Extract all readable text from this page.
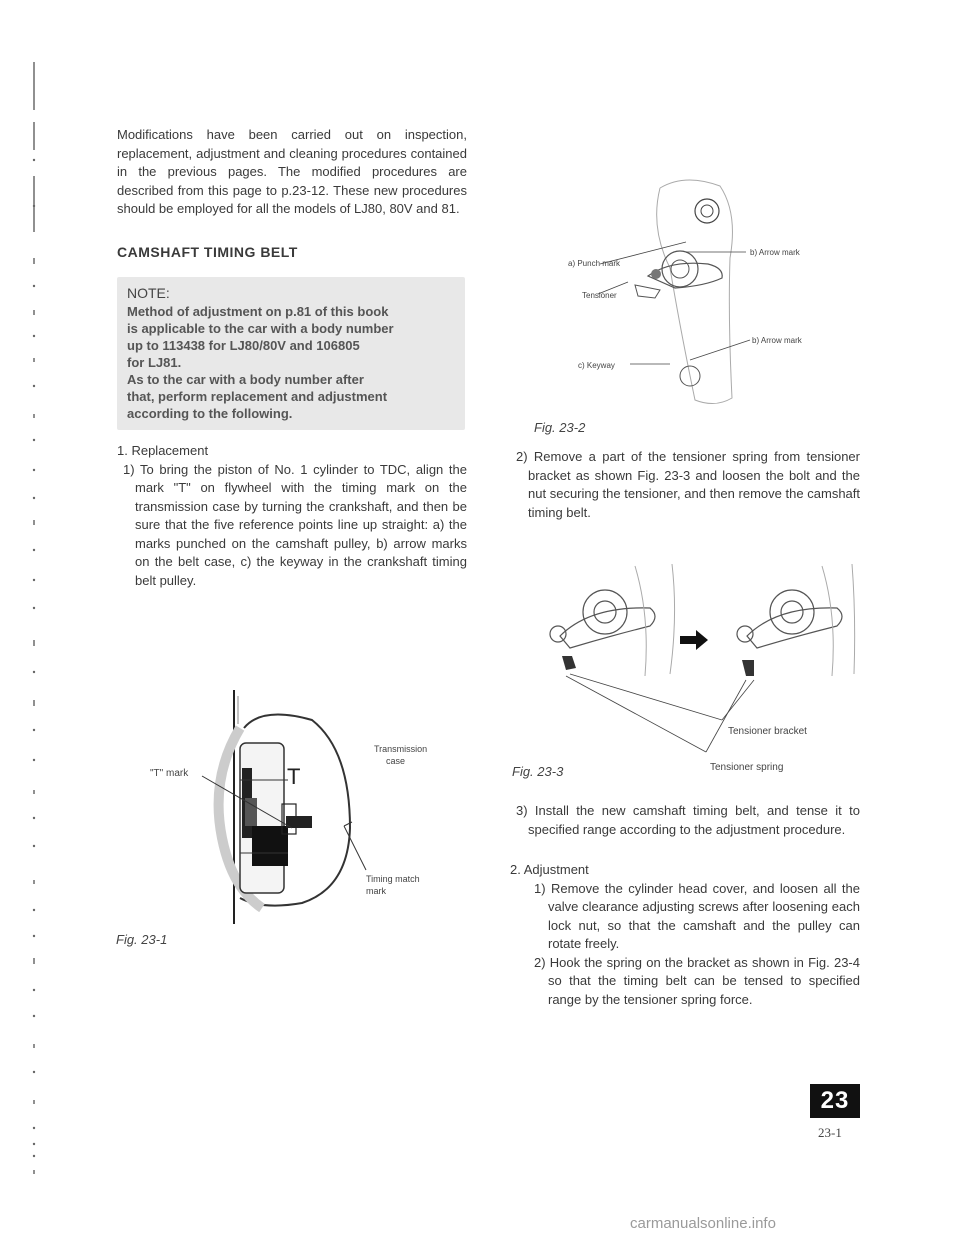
Modifications have been carried out on inspection, replacement, adjustment and cleaning procedures contained in the previous pages. The modified procedures are described from this page to p.23-12. These new procedures should be employed for all the models of LJ80, 80V and 81.

CAMSHAFT TIMING BELT

NOTE:
Method of adjustment on p.81 of this book
is applicable to the car with a body number
up to 113438 for LJ80/80V and 106805
for LJ81.
As to the car with a body number after
that, perform replacement and adjustment
according to the following.

1. Replacement

1) To bring the piston of No. 1 cylinder to TDC, align the mark "T" on flywheel with the timing mark on the transmission case by turning the crankshaft, and then be sure that the five reference points line up straight: a) the marks punched on the camshaft pulley, b) arrow marks on the belt case, c) the keyway in the crankshaft timing belt pulley.

T
"T" mark
Transmission
case
Timing match
mark
Fig. 23-1
a) Punch mark
b) Arrow mark
Tensioner
b) Arrow mark
c) Keyway
Fig. 23-2

2) Remove a part of the tensioner spring from tensioner bracket as shown Fig. 23-3 and loosen the bolt and the nut securing the tensioner, and then remove the camshaft timing belt.

Tensioner bracket
Tensioner spring
Fig. 23-3

3) Install the new camshaft timing belt, and tense it to specified range according to the adjustment procedure.

2. Adjustment

1) Remove the cylinder head cover, and loosen all the valve clearance adjusting screws after loosening each lock nut, so that the camshaft and the pulley can rotate freely.

2) Hook the spring on the bracket as shown in Fig. 23-4 so that the timing belt can be tensed to specified range by the tensioner spring force.

23
23-1
carmanualsonline.info
